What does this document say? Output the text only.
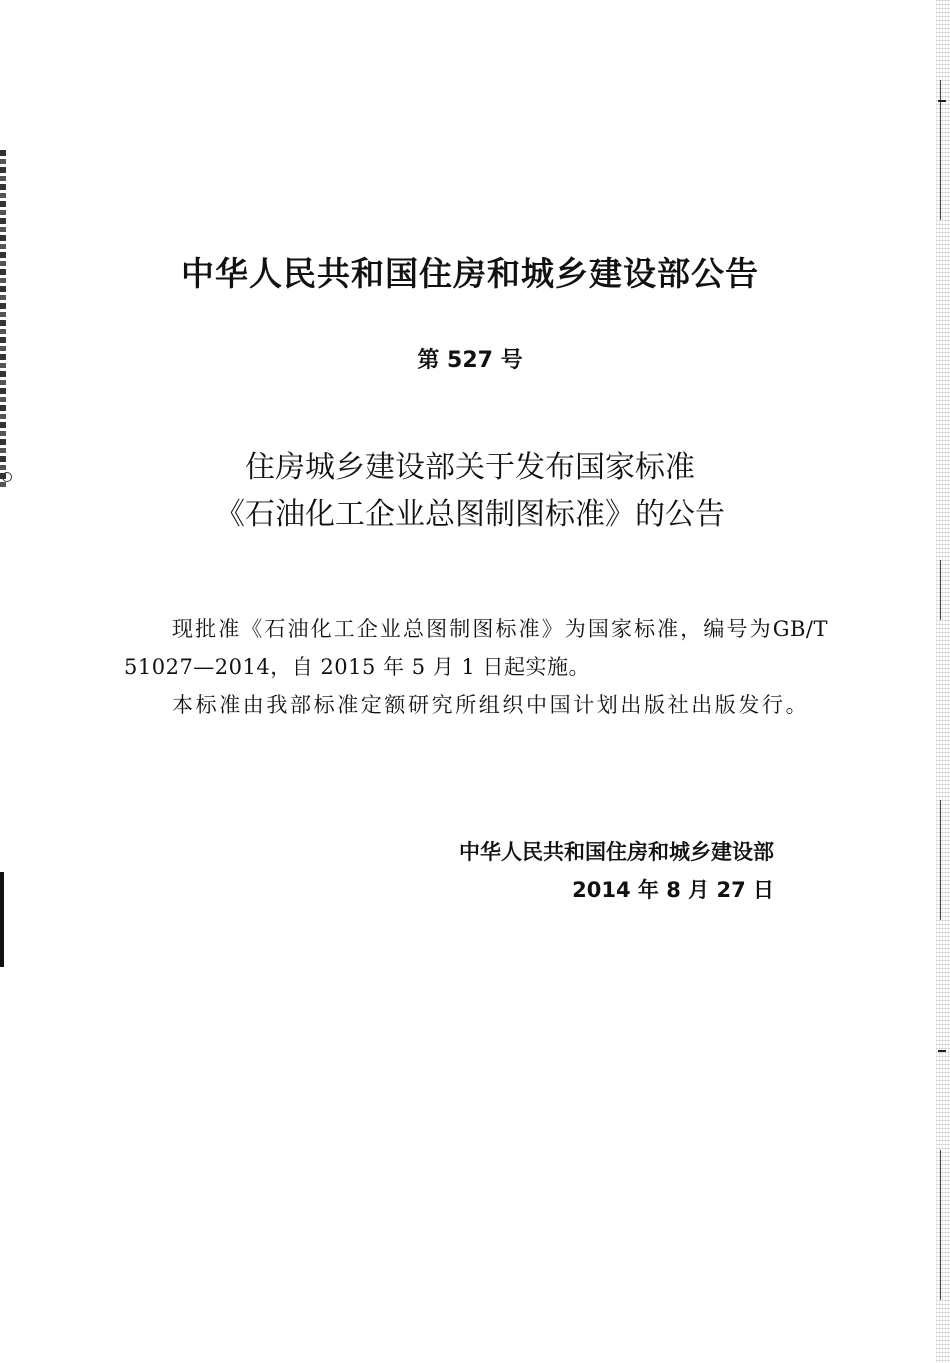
中华人民共和国住房和城乡建设部公告

第 527 号

住房城乡建设部关于发布国家标准

《石油化工企业总图制图标准》的公告

现批准《石油化工企业总图制图标准》为国家标准，编号为GB/T 51027—2014，自 2015 年 5 月 1 日起实施。

本标准由我部标准定额研究所组织中国计划出版社出版发行。

中华人民共和国住房和城乡建设部

2014 年 8 月 27 日
